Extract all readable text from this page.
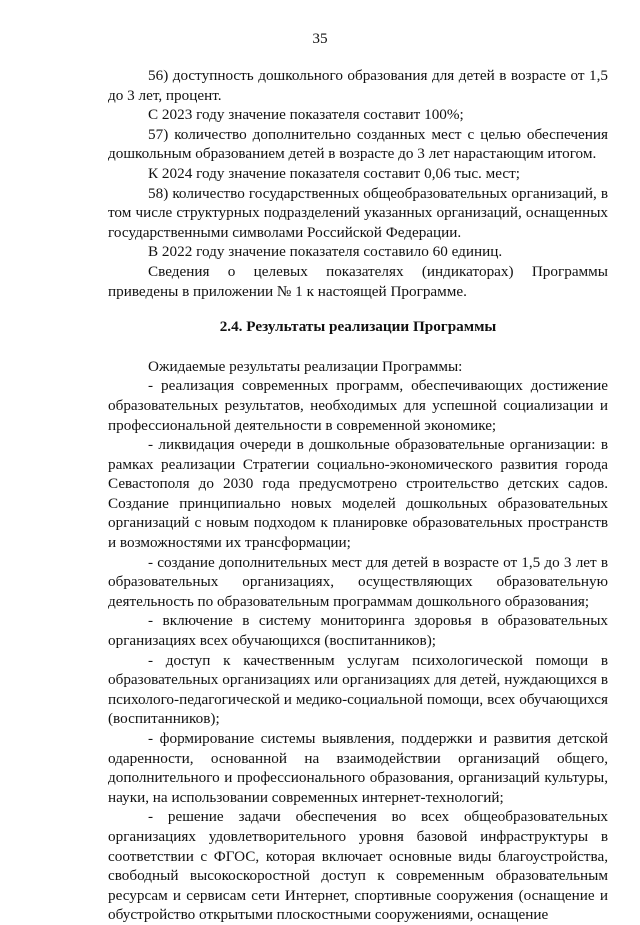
35

56) доступность дошкольного образования для детей в возрасте от 1,5 до 3 лет, процент.

С 2023 году значение показателя составит 100%;

57) количество дополнительно созданных мест с целью обеспечения дошкольным образованием детей в возрасте до 3 лет нарастающим итогом.

К 2024 году значение показателя составит 0,06 тыс. мест;

58) количество государственных общеобразовательных организаций, в том числе структурных подразделений указанных организаций, оснащенных государственными символами Российской Федерации.

В 2022 году значение показателя составило 60 единиц.

Сведения о целевых показателях (индикаторах) Программы приведены в приложении № 1 к настоящей Программе.

2.4. Результаты реализации Программы

Ожидаемые результаты реализации Программы:

- реализация современных программ, обеспечивающих достижение образовательных результатов, необходимых для успешной социализации и профессиональной деятельности в современной экономике;

- ликвидация очереди в дошкольные образовательные организации: в рамках реализации Стратегии социально-экономического развития города Севастополя до 2030 года предусмотрено строительство детских садов. Создание принципиально новых моделей дошкольных образовательных организаций с новым подходом к планировке образовательных пространств и возможностями их трансформации;

- создание дополнительных мест для детей в возрасте от 1,5 до 3 лет в образовательных организациях, осуществляющих образовательную деятельность по образовательным программам дошкольного образования;

- включение в систему мониторинга здоровья в образовательных организациях всех обучающихся (воспитанников);

- доступ к качественным услугам психологической помощи в образовательных организациях или организациях для детей, нуждающихся в психолого-педагогической и медико-социальной помощи, всех обучающихся (воспитанников);

- формирование системы выявления, поддержки и развития детской одаренности, основанной на взаимодействии организаций общего, дополнительного и профессионального образования, организаций культуры, науки, на использовании современных интернет-технологий;

- решение задачи обеспечения во всех общеобразовательных организациях удовлетворительного уровня базовой инфраструктуры в соответствии с ФГОС, которая включает основные виды благоустройства, свободный высокоскоростной доступ к современным образовательным ресурсам и сервисам сети Интернет, спортивные сооружения (оснащение и обустройство открытыми плоскостными сооружениями, оснащение
